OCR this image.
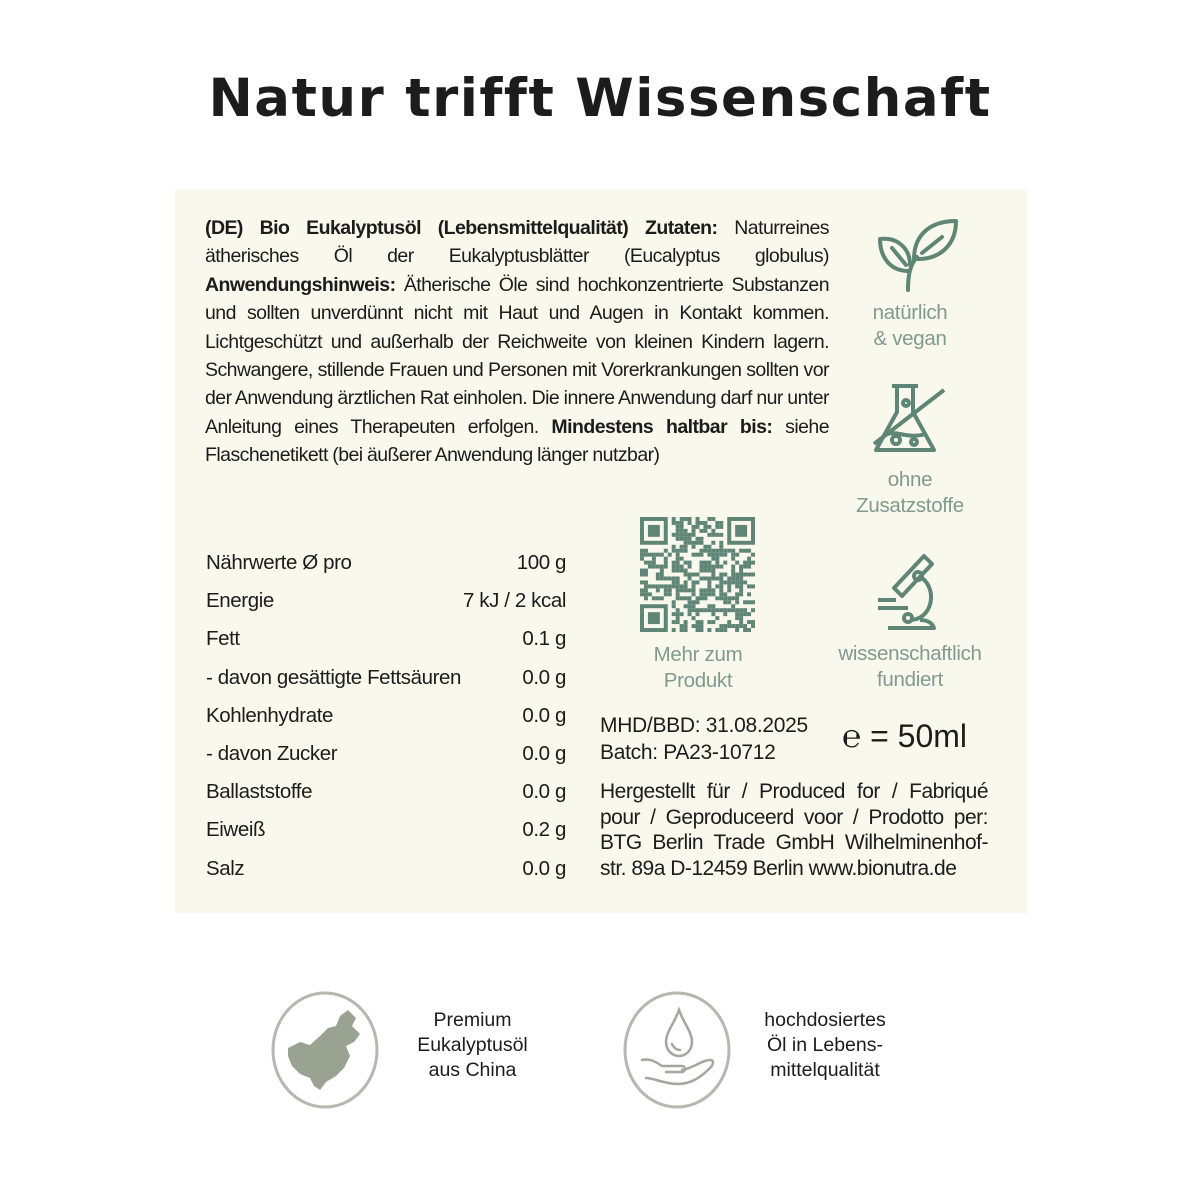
Natur trifft Wissenschaft
(DE) Bio Eukalyptusöl (Lebensmittelqualität) Zutaten: Naturreines ätherisches Öl der Eukalyptusblätter (Eucalyptus globulus) Anwendungshinweis: Ätherische Öle sind hochkonzentrierte Substanzen und sollten unverdünnt nicht mit Haut und Augen in Kontakt kommen. Lichtgeschützt und außerhalb der Reichweite von kleinen Kindern lagern. Schwangere, stillende Frauen und Personen mit Vorerkrankungen sollten vor der Anwendung ärztlichen Rat einholen. Die innere Anwendung darf nur unter Anleitung eines Therapeuten erfolgen. Mindestens haltbar bis: siehe Flaschenetikett (bei äußerer Anwendung länger nutzbar)
Nährwerte Ø pro	100 g
Energie	7 kJ / 2 kcal
Fett	0.1 g
- davon gesättigte Fettsäuren	0.0 g
Kohlenhydrate	0.0 g
- davon Zucker	0.0 g
Ballaststoffe	0.0 g
Eiweiß	0.2 g
Salz	0.0 g
natürlich
& vegan
ohne
Zusatzstoffe
wissenschaftlich
fundiert
Mehr zum
Produkt
MHD/BBD: 31.08.2025
Batch: PA23-10712 ℮ = 50ml
Hergestellt für / Produced for / Fabriqué pour / Geproduceerd voor / Prodotto per: BTG Berlin Trade GmbH Wilhelminenhof-str. 89a D-12459 Berlin www.bionutra.de
Premium
Eukalyptusöl
aus China
hochdosiertes
Öl in Lebens-
mittelqualität
